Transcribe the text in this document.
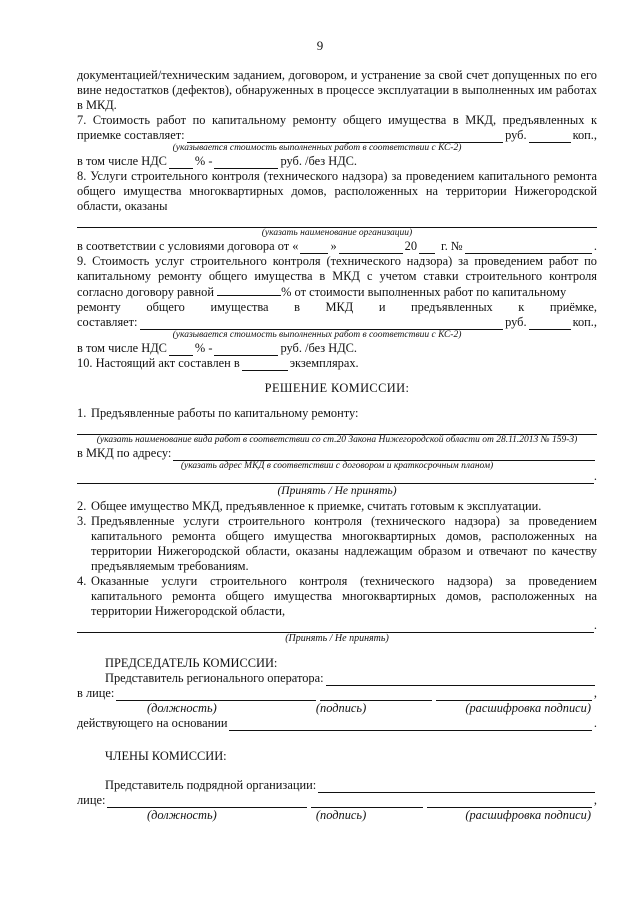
9

документацией/техническим заданием, договором, и устранение за свой счет допущенных по его вине недостатков (дефектов), обнаруженных в процессе эксплуатации в выполненных им работах в МКД.

7. Стоимость работ по капитальному ремонту общего имущества в МКД, предъявленных к

приемке составляет:	руб.	коп.,

(указывается стоимость выполненных работ в соответствии с КС-2)

в том числе НДС % -	руб. /без НДС.

8. Услуги строительного контроля (технического надзора) за проведением капитального ремонта общего имущества многоквартирных домов, расположенных на территории Нижегородской области, оказаны

(указать наименование организации)

в соответствии с условиями договора от «	»	20 г. №	.

9. Стоимость услуг строительного контроля (технического надзора) за проведением работ по капитальному ремонту общего имущества в МКД с учетом ставки строительного контроля согласно договору равной	% от стоимости выполненных работ по капитальному

ремонту общего имущества в МКД и предъявленных к приёмке,

составляет:	руб.	коп.,

(указывается стоимость выполненных работ в соответствии с КС-2)

в том числе НДС % -	руб. /без НДС.
10. Настоящий акт составлен в	экземплярах.

РЕШЕНИЕ КОМИССИИ:

1. Предъявленные работы по капитальному ремонту:

(указать наименование вида работ в соответствии со ст.20 Закона Нижегородской области от 28.11.2013 № 159-З)

в МКД по адресу:

(указать адрес МКД в соответствии с договором и краткосрочным планом)

.

(Принять / Не принять)

2. Общее имущество МКД, предъявленное к приемке, считать готовым к эксплуатации.
3. Предъявленные услуги строительного контроля (технического надзора) за проведением капитального ремонта общего имущества многоквартирных домов, расположенных на территории Нижегородской области, оказаны надлежащим образом и отвечают по качеству предъявляемым требованиям.
4. Оказанные услуги строительного контроля (технического надзора) за проведением капитального ремонта общего имущества многоквартирных домов, расположенных на территории Нижегородской области,
.

(Принять / Не принять)

ПРЕДСЕДАТЕЛЬ КОМИССИИ:

Представитель регионального оператора:
в лице:	,
(должность)	(подпись)	(расшифровка подписи)
действующего на основании	.

ЧЛЕНЫ КОМИССИИ:

Представитель подрядной организации:
лице:	,
(должность)	(подпись)	(расшифровка подписи)
